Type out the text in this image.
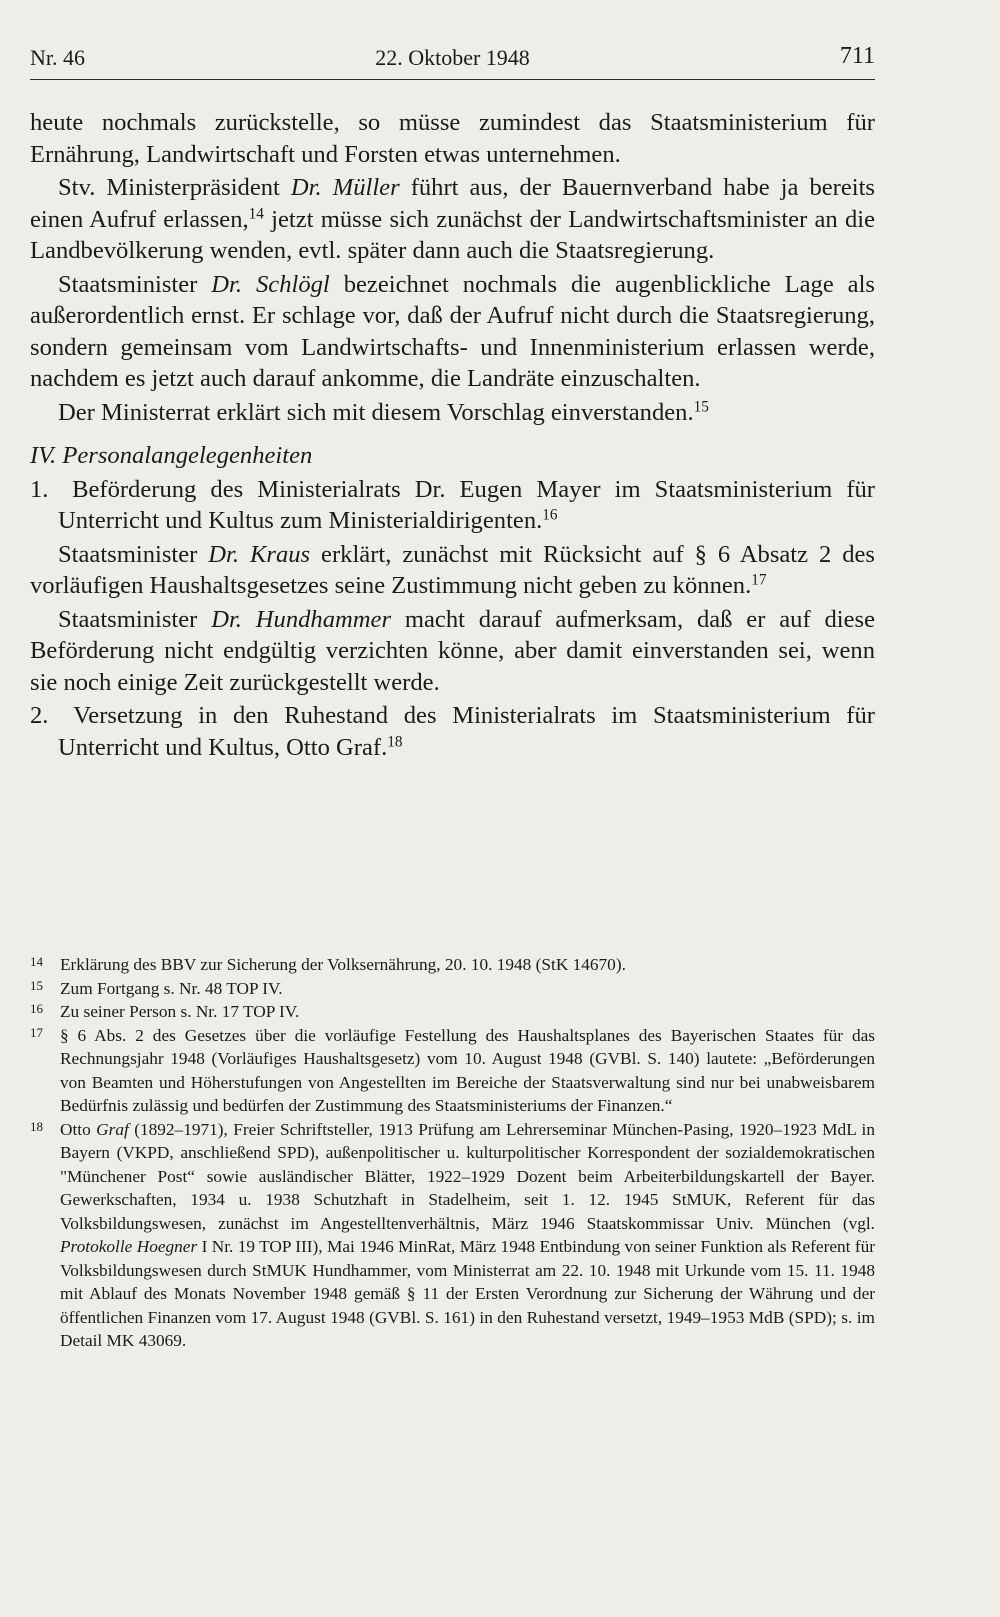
Nr. 46	22. Oktober 1948	711

heute nochmals zurückstelle, so müsse zumindest das Staatsministerium für Ernährung, Landwirtschaft und Forsten etwas unternehmen.

Stv. Ministerpräsident Dr. Müller führt aus, der Bauernverband habe ja bereits einen Aufruf erlassen,$^{14}$ jetzt müsse sich zunächst der Landwirtschaftsminister an die Landbevölkerung wenden, evtl. später dann auch die Staatsregierung.

Staatsminister Dr. Schlögl bezeichnet nochmals die augenblickliche Lage als außerordentlich ernst. Er schlage vor, daß der Aufruf nicht durch die Staatsregierung, sondern gemeinsam vom Landwirtschafts- und Innenministerium erlassen werde, nachdem es jetzt auch darauf ankomme, die Landräte einzuschalten.

Der Ministerrat erklärt sich mit diesem Vorschlag einverstanden.$^{15}$

IV. Personalangelegenheiten

1. Beförderung des Ministerialrats Dr. Eugen Mayer im Staatsministerium für Unterricht und Kultus zum Ministerialdirigenten.$^{16}$

Staatsminister Dr. Kraus erklärt, zunächst mit Rücksicht auf § 6 Absatz 2 des vorläufigen Haushaltsgesetzes seine Zustimmung nicht geben zu können.$^{17}$

Staatsminister Dr. Hundhammer macht darauf aufmerksam, daß er auf diese Beförderung nicht endgültig verzichten könne, aber damit einverstanden sei, wenn sie noch einige Zeit zurückgestellt werde.

2. Versetzung in den Ruhestand des Ministerialrats im Staatsministerium für Unterricht und Kultus, Otto Graf.$^{18}$

14 Erklärung des BBV zur Sicherung der Volksernährung, 20. 10. 1948 (StK 14670).

15 Zum Fortgang s. Nr. 48 TOP IV.

16 Zu seiner Person s. Nr. 17 TOP IV.

17 § 6 Abs. 2 des Gesetzes über die vorläufige Festellung des Haushaltsplanes des Bayerischen Staates für das Rechnungsjahr 1948 (Vorläufiges Haushaltsgesetz) vom 10. August 1948 (GVBl. S. 140) lautete: „Beförderungen von Beamten und Höherstufungen von Angestellten im Bereiche der Staatsverwaltung sind nur bei unabweisbarem Bedürfnis zulässig und bedürfen der Zustimmung des Staatsministeriums der Finanzen.“

18 Otto Graf (1892–1971), Freier Schriftsteller, 1913 Prüfung am Lehrerseminar München-Pasing, 1920–1923 MdL in Bayern (VKPD, anschließend SPD), außenpolitischer u. kulturpolitischer Korrespondent der sozialdemokratischen "Münchener Post“ sowie ausländischer Blätter, 1922–1929 Dozent beim Arbeiterbildungskartell der Bayer. Gewerkschaften, 1934 u. 1938 Schutzhaft in Stadelheim, seit 1. 12. 1945 StMUK, Referent für das Volksbildungswesen, zunächst im Angestelltenverhältnis, März 1946 Staatskommissar Univ. München (vgl. Protokolle Hoegner I Nr. 19 TOP III), Mai 1946 MinRat, März 1948 Entbindung von seiner Funktion als Referent für Volksbildungswesen durch StMUK Hundhammer, vom Ministerrat am 22. 10. 1948 mit Urkunde vom 15. 11. 1948 mit Ablauf des Monats November 1948 gemäß § 11 der Ersten Verordnung zur Sicherung der Währung und der öffentlichen Finanzen vom 17. August 1948 (GVBl. S. 161) in den Ruhestand versetzt, 1949–1953 MdB (SPD); s. im Detail MK 43069.
